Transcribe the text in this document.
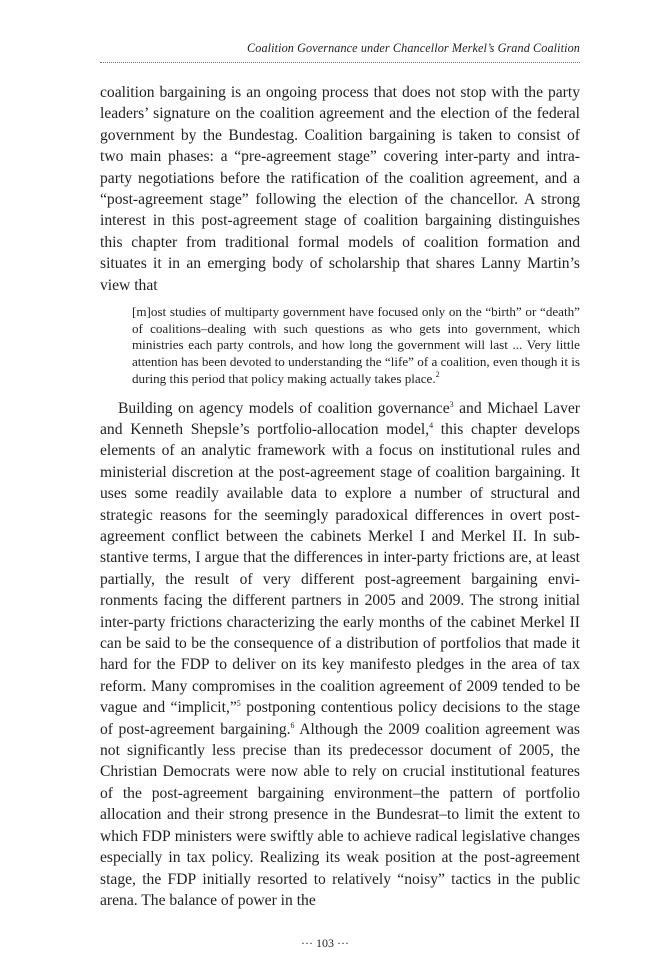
Coalition Governance under Chancellor Merkel’s Grand Coalition

coalition bargaining is an ongoing process that does not stop with the party leaders’ signature on the coalition agreement and the election of the federal government by the Bundestag. Coalition bargaining is taken to consist of two main phases: a “pre-agreement stage” covering inter-party and intra-party negotiations before the ratification of the coalition agreement, and a “post-agreement stage” following the election of the chancellor. A strong interest in this post-agreement stage of coalition bargaining distinguishes this chapter from traditional formal models of coalition formation and situates it in an emerging body of scholarship that shares Lanny Martin’s view that

[m]ost studies of multiparty government have focused only on the “birth” or “death” of coalitions–dealing with such questions as who gets into government, which ministries each party controls, and how long the government will last ... Very little attention has been devoted to understanding the “life” of a coalition, even though it is during this period that policy making actually takes place.$^2$

Building on agency models of coalition governance$^3$ and Michael Laver and Kenneth Shepsle’s portfolio-allocation model,$^4$ this chapter develops elements of an analytic framework with a focus on institutional rules and ministerial discretion at the post-agreement stage of coalition bargaining. It uses some readily available data to explore a number of structural and strategic reasons for the seemingly paradoxical differences in overt post-agreement conflict between the cabinets Merkel I and Merkel II. In substantive terms, I argue that the differences in inter-party frictions are, at least partially, the result of very different post-agreement bargaining environments facing the different partners in 2005 and 2009. The strong initial inter-party frictions characterizing the early months of the cabinet Merkel II can be said to be the consequence of a distribution of portfolios that made it hard for the FDP to deliver on its key manifesto pledges in the area of tax reform. Many compromises in the coalition agreement of 2009 tended to be vague and “implicit,”$^5$ postponing contentious policy decisions to the stage of post-agreement bargaining.$^6$ Although the 2009 coalition agreement was not significantly less precise than its predecessor document of 2005, the Christian Democrats were now able to rely on crucial institutional features of the post-agreement bargaining environment–the pattern of portfolio allocation and their strong presence in the Bundesrat–to limit the extent to which FDP ministers were swiftly able to achieve radical legislative changes especially in tax policy. Realizing its weak position at the post-agreement stage, the FDP initially resorted to relatively “noisy” tactics in the public arena. The balance of power in the

··· 103 ···
